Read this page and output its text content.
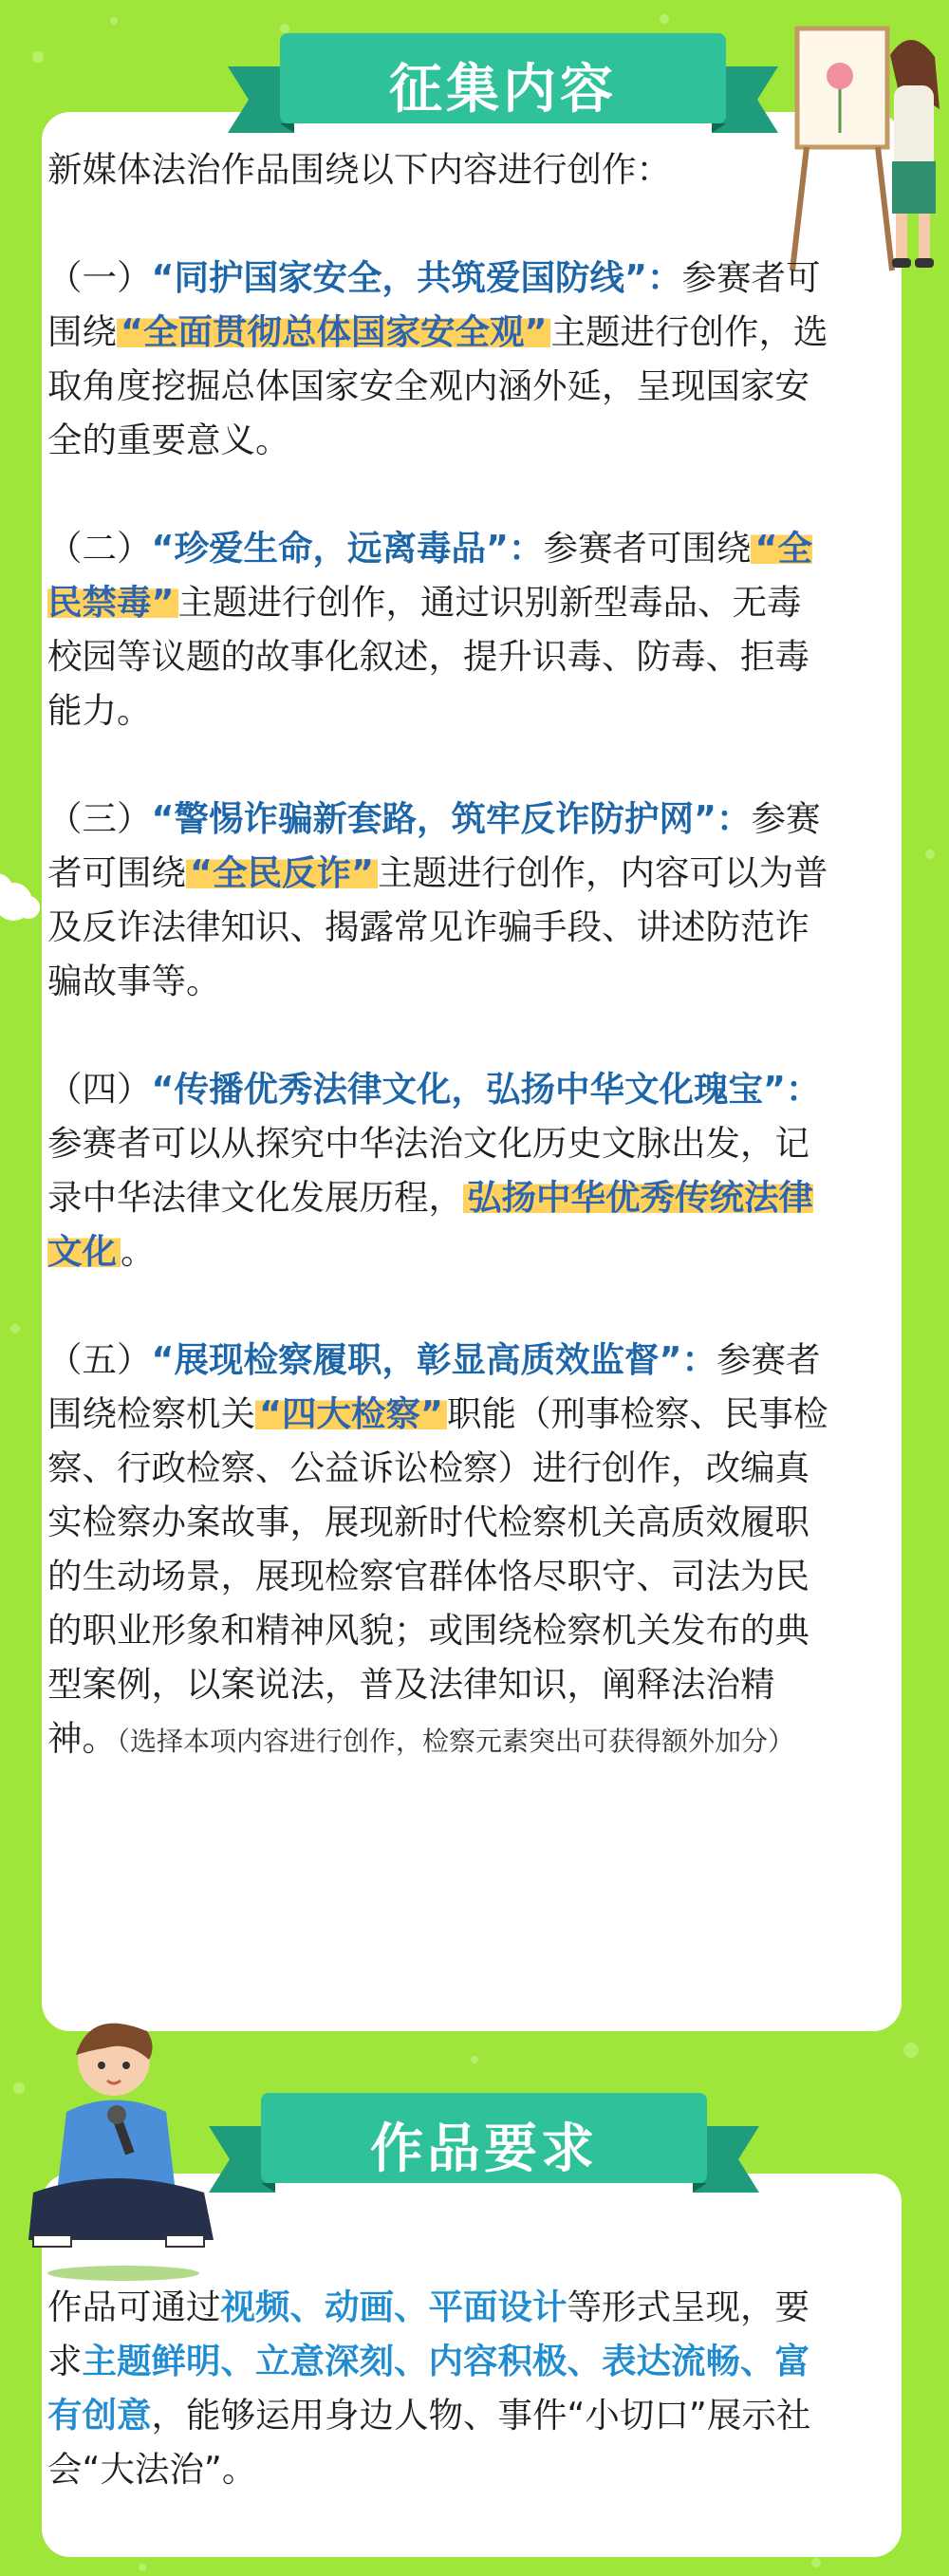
征集内容

新媒体法治作品围绕以下内容进行创作：

（一）“同护国家安全，共筑爱国防线”：参赛者可围绕 “全面贯彻总体国家安全观” 主题进行创作，选取角度挖掘总体国家安全观内涵外延，呈现国家安全的重要意义。

（二）“珍爱生命，远离毒品”：参赛者可围绕 “全民禁毒” 主题进行创作，通过识别新型毒品、无毒校园等议题的故事化叙述，提升识毒、防毒、拒毒能力。

（三）“警惕诈骗新套路，筑牢反诈防护网”：参赛者可围绕 “全民反诈” 主题进行创作，内容可以为普及反诈法律知识、揭露常见诈骗手段、讲述防范诈骗故事等。

（四）“传播优秀法律文化，弘扬中华文化瑰宝”：参赛者可以从探究中华法治文化历史文脉出发，记录中华法律文化发展历程， 弘扬中华优秀传统法律文化 。

（五）“展现检察履职，彰显高质效监督”：参赛者围绕检察机关 “四大检察” 职能（刑事检察、民事检察、行政检察、公益诉讼检察）进行创作，改编真实检察办案故事，展现新时代检察机关高质效履职的生动场景，展现检察官群体恪尽职守、司法为民的职业形象和精神风貌；或围绕检察机关发布的典型案例，以案说法，普及法律知识，阐释法治精神。（选择本项内容进行创作，检察元素突出可获得额外加分）

作品要求

作品可通过视频、动画、平面设计等形式呈现，要求主题鲜明、立意深刻、内容积极、表达流畅、富有创意，能够运用身边人物、事件“小切口”展示社会“大法治”。
